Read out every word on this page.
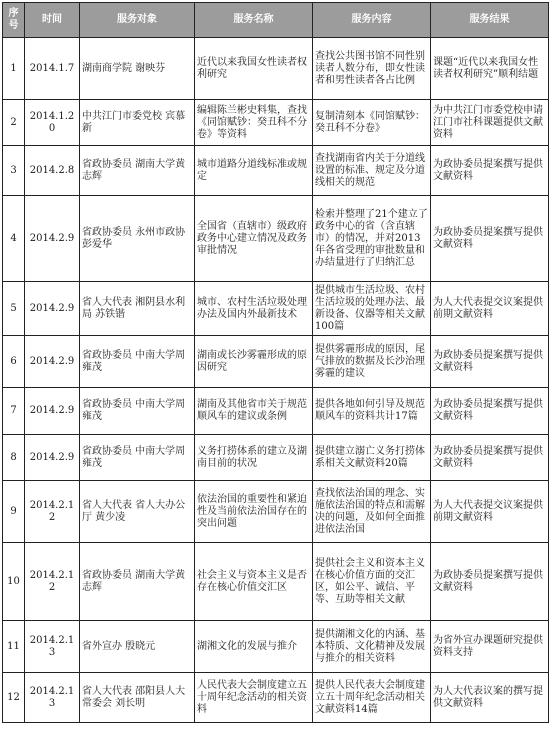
序号	时间	服务对象	服务名称	服务内容	服务结果
1	2014.1.7	湖南商学院 谢映芬	近代以来我国女性读者权利研究	查找公共图书馆不同性别读者人数分布，即女性读者和男性读者各占比例	课题“近代以来我国女性读者权利研究”顺利结题
2	2014.1.20	中共江门市委党校 宾慕新	编辑陈兰彬史料集，查找《同馆赋钞：癸丑科不分卷》等资料	复制清刻本《同馆赋钞：癸丑科不分卷》	为中共江门市委党校申请江门市社科课题提供文献资料
3	2014.2.8	省政协委员 湖南大学黄志辉	城市道路分道线标准或规定	查找湖南省内关于分道线设置的标准、规定及分道线相关的规范	为政协委员提案撰写提供文献资料
4	2014.2.9	省政协委员 永州市政协 彭爱华	全国省（直辖市）级政府政务中心建立情况及政务审批情况	检索并整理了21个建立了政务中心的省（含直辖市）的情况，并对2013年各省受理的审批数量和办结量进行了归纳汇总	为政协委员提案撰写提供文献资料
5	2014.2.9	省人大代表 湘阴县水利局 苏铁锴	城市、农村生活垃圾处理办法及国内外最新技术	提供城市生活垃圾、农村生活垃圾的处理办法、最新设备、仪器等相关文献100篇	为人大代表提交议案提供前期文献资料
6	2014.2.9	省政协委员 中南大学周雍茂	湖南或长沙雾霾形成的原因研究	提供雾霾形成的原因，尾气排放的数据及长沙治理雾霾的建议	为政协委员提案撰写提供文献资料
7	2014.2.9	省政协委员 中南大学周雍茂	湖南及其他省市关于规范顺风车的建议或条例	提供各地如何引导及规范顺风车的资料共计17篇	为政协委员提案撰写提供文献资料
8	2014.2.9	省政协委员 中南大学周雍茂	义务打捞体系的建立及湖南目前的状况	提供建立溺亡义务打捞体系相关文献资料20篇	为政协委员提案撰写提供文献资料
9	2014.2.12	省人大代表 省人大办公厅 黄少凌	依法治国的重要性和紧迫性及当前依法治国存在的突出问题	查找依法治国的理念、实施依法治国的特点和需解决的问题，及如何全面推进依法治国	为人大代表提交议案提供前期文献资料
10	2014.2.12	省政协委员 湖南大学黄志辉	社会主义与资本主义是否存在核心价值交汇区	提供社会主义和资本主义在核心价值方面的交汇区，如公平、诚信、平等、互助等相关文献	为政协委员提案撰写提供文献资料
11	2014.2.13	省外宣办 殷晓元	湖湘文化的发展与推介	提供湖湘文化的内涵、基本特质、文化精神及发展与推介的相关资料	为省外宣办课题研究提供资料支持
12	2014.2.13	省人大代表 邵阳县人大常委会 刘长明	人民代表大会制度建立五十周年纪念活动的相关资料	提供人民代表大会制度建立五十周年纪念活动相关文献资料14篇	为人大代表议案的撰写提供文献资料
